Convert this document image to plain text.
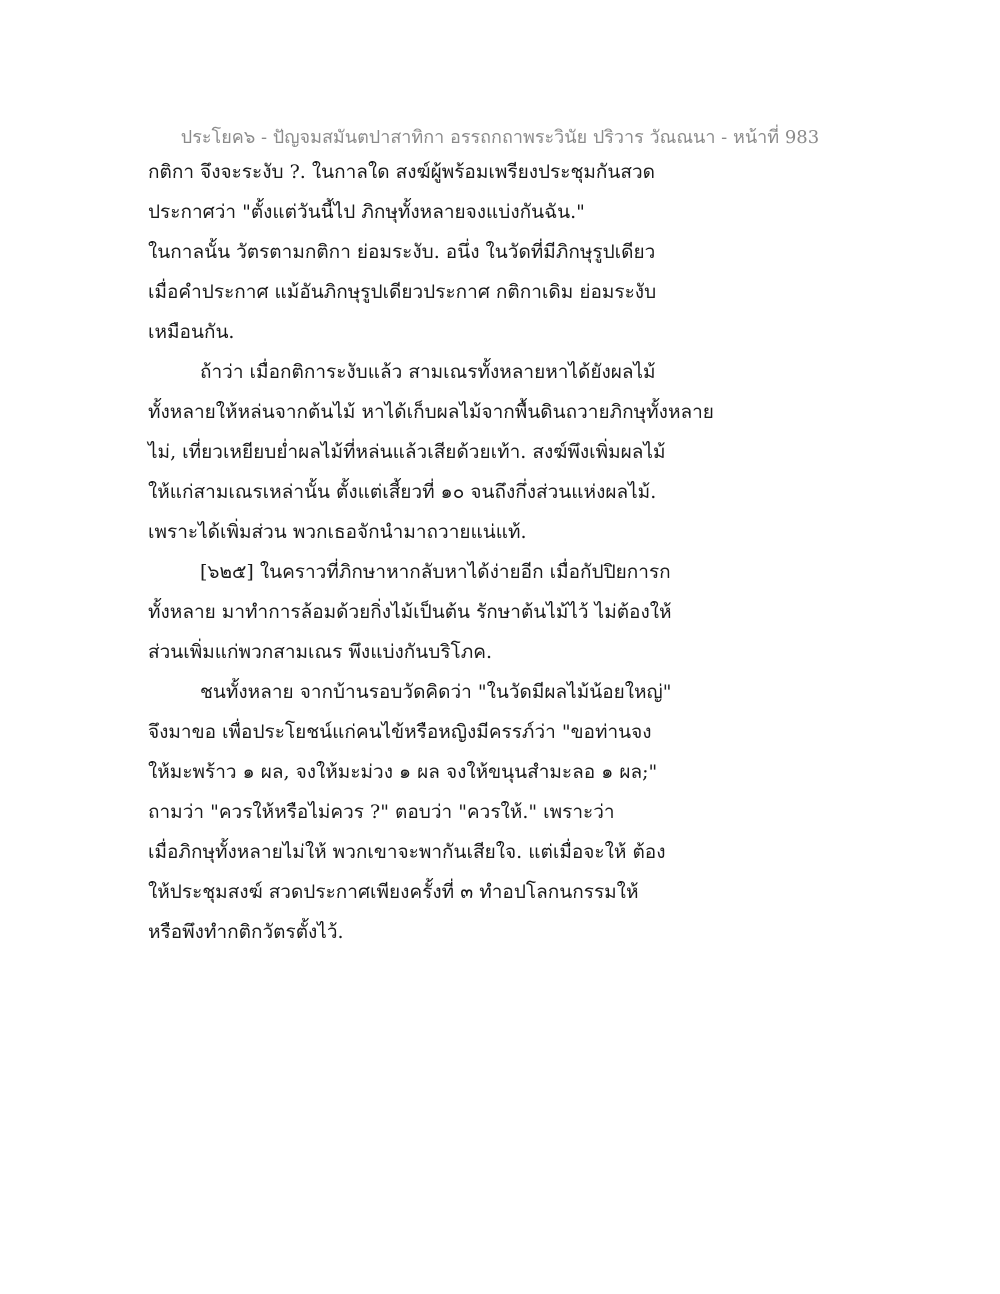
ประโยค๖ - ปัญจมสมันตปาสาทิกา อรรถกถาพระวินัย ปริวาร วัณณนา - หน้าที่ 983
กติกา จึงจะระงับ ?. ในกาลใด สงฆ์ผู้พร้อมเพรียงประชุมกันสวด
ประกาศว่า "ตั้งแต่วันนี้ไป ภิกษุทั้งหลายจงแบ่งกันฉัน."
ในกาลนั้น วัตรตามกติกา ย่อมระงับ. อนึ่ง ในวัดที่มีภิกษุรูปเดียว
เมื่อคําประกาศ แม้อันภิกษุรูปเดียวประกาศ กติกาเดิม ย่อมระงับ
เหมือนกัน.
ถ้าว่า เมื่อกติการะงับแล้ว สามเณรทั้งหลายหาได้ยังผลไม้
ทั้งหลายให้หล่นจากต้นไม้ หาได้เก็บผลไม้จากพื้นดินถวายภิกษุทั้งหลาย
ไม่, เที่ยวเหยียบย่ำผลไม้ที่หล่นแล้วเสียด้วยเท้า. สงฆ์พึงเพิ่มผลไม้
ให้แก่สามเณรเหล่านั้น ตั้งแต่เสี้ยวที่ ๑๐ จนถึงกึ่งส่วนแห่งผลไม้.
เพราะได้เพิ่มส่วน พวกเธอจักนํามาถวายแน่แท้.
[๖๒๕] ในคราวที่ภิกษาหากลับหาได้ง่ายอีก เมื่อกัปปิยการก
ทั้งหลาย มาทําการล้อมด้วยกิ่งไม้เป็นต้น รักษาต้นไม้ไว้ ไม่ต้องให้
ส่วนเพิ่มแก่พวกสามเณร พึงแบ่งกันบริโภค.
ชนทั้งหลาย จากบ้านรอบวัดคิดว่า "ในวัดมีผลไม้น้อยใหญ่"
จึงมาขอ เพื่อประโยชน์แก่คนไข้หรือหญิงมีครรภ์ว่า "ขอท่านจง
ให้มะพร้าว ๑ ผล, จงให้มะม่วง ๑ ผล จงให้ขนุนสํามะลอ ๑ ผล;"
ถามว่า "ควรให้หรือไม่ควร ?" ตอบว่า "ควรให้." เพราะว่า
เมื่อภิกษุทั้งหลายไม่ให้ พวกเขาจะพากันเสียใจ. แต่เมื่อจะให้ ต้อง
ให้ประชุมสงฆ์ สวดประกาศเพียงครั้งที่ ๓ ทําอปโลกนกรรมให้
หรือพึงทํากติกวัตรตั้งไว้.
